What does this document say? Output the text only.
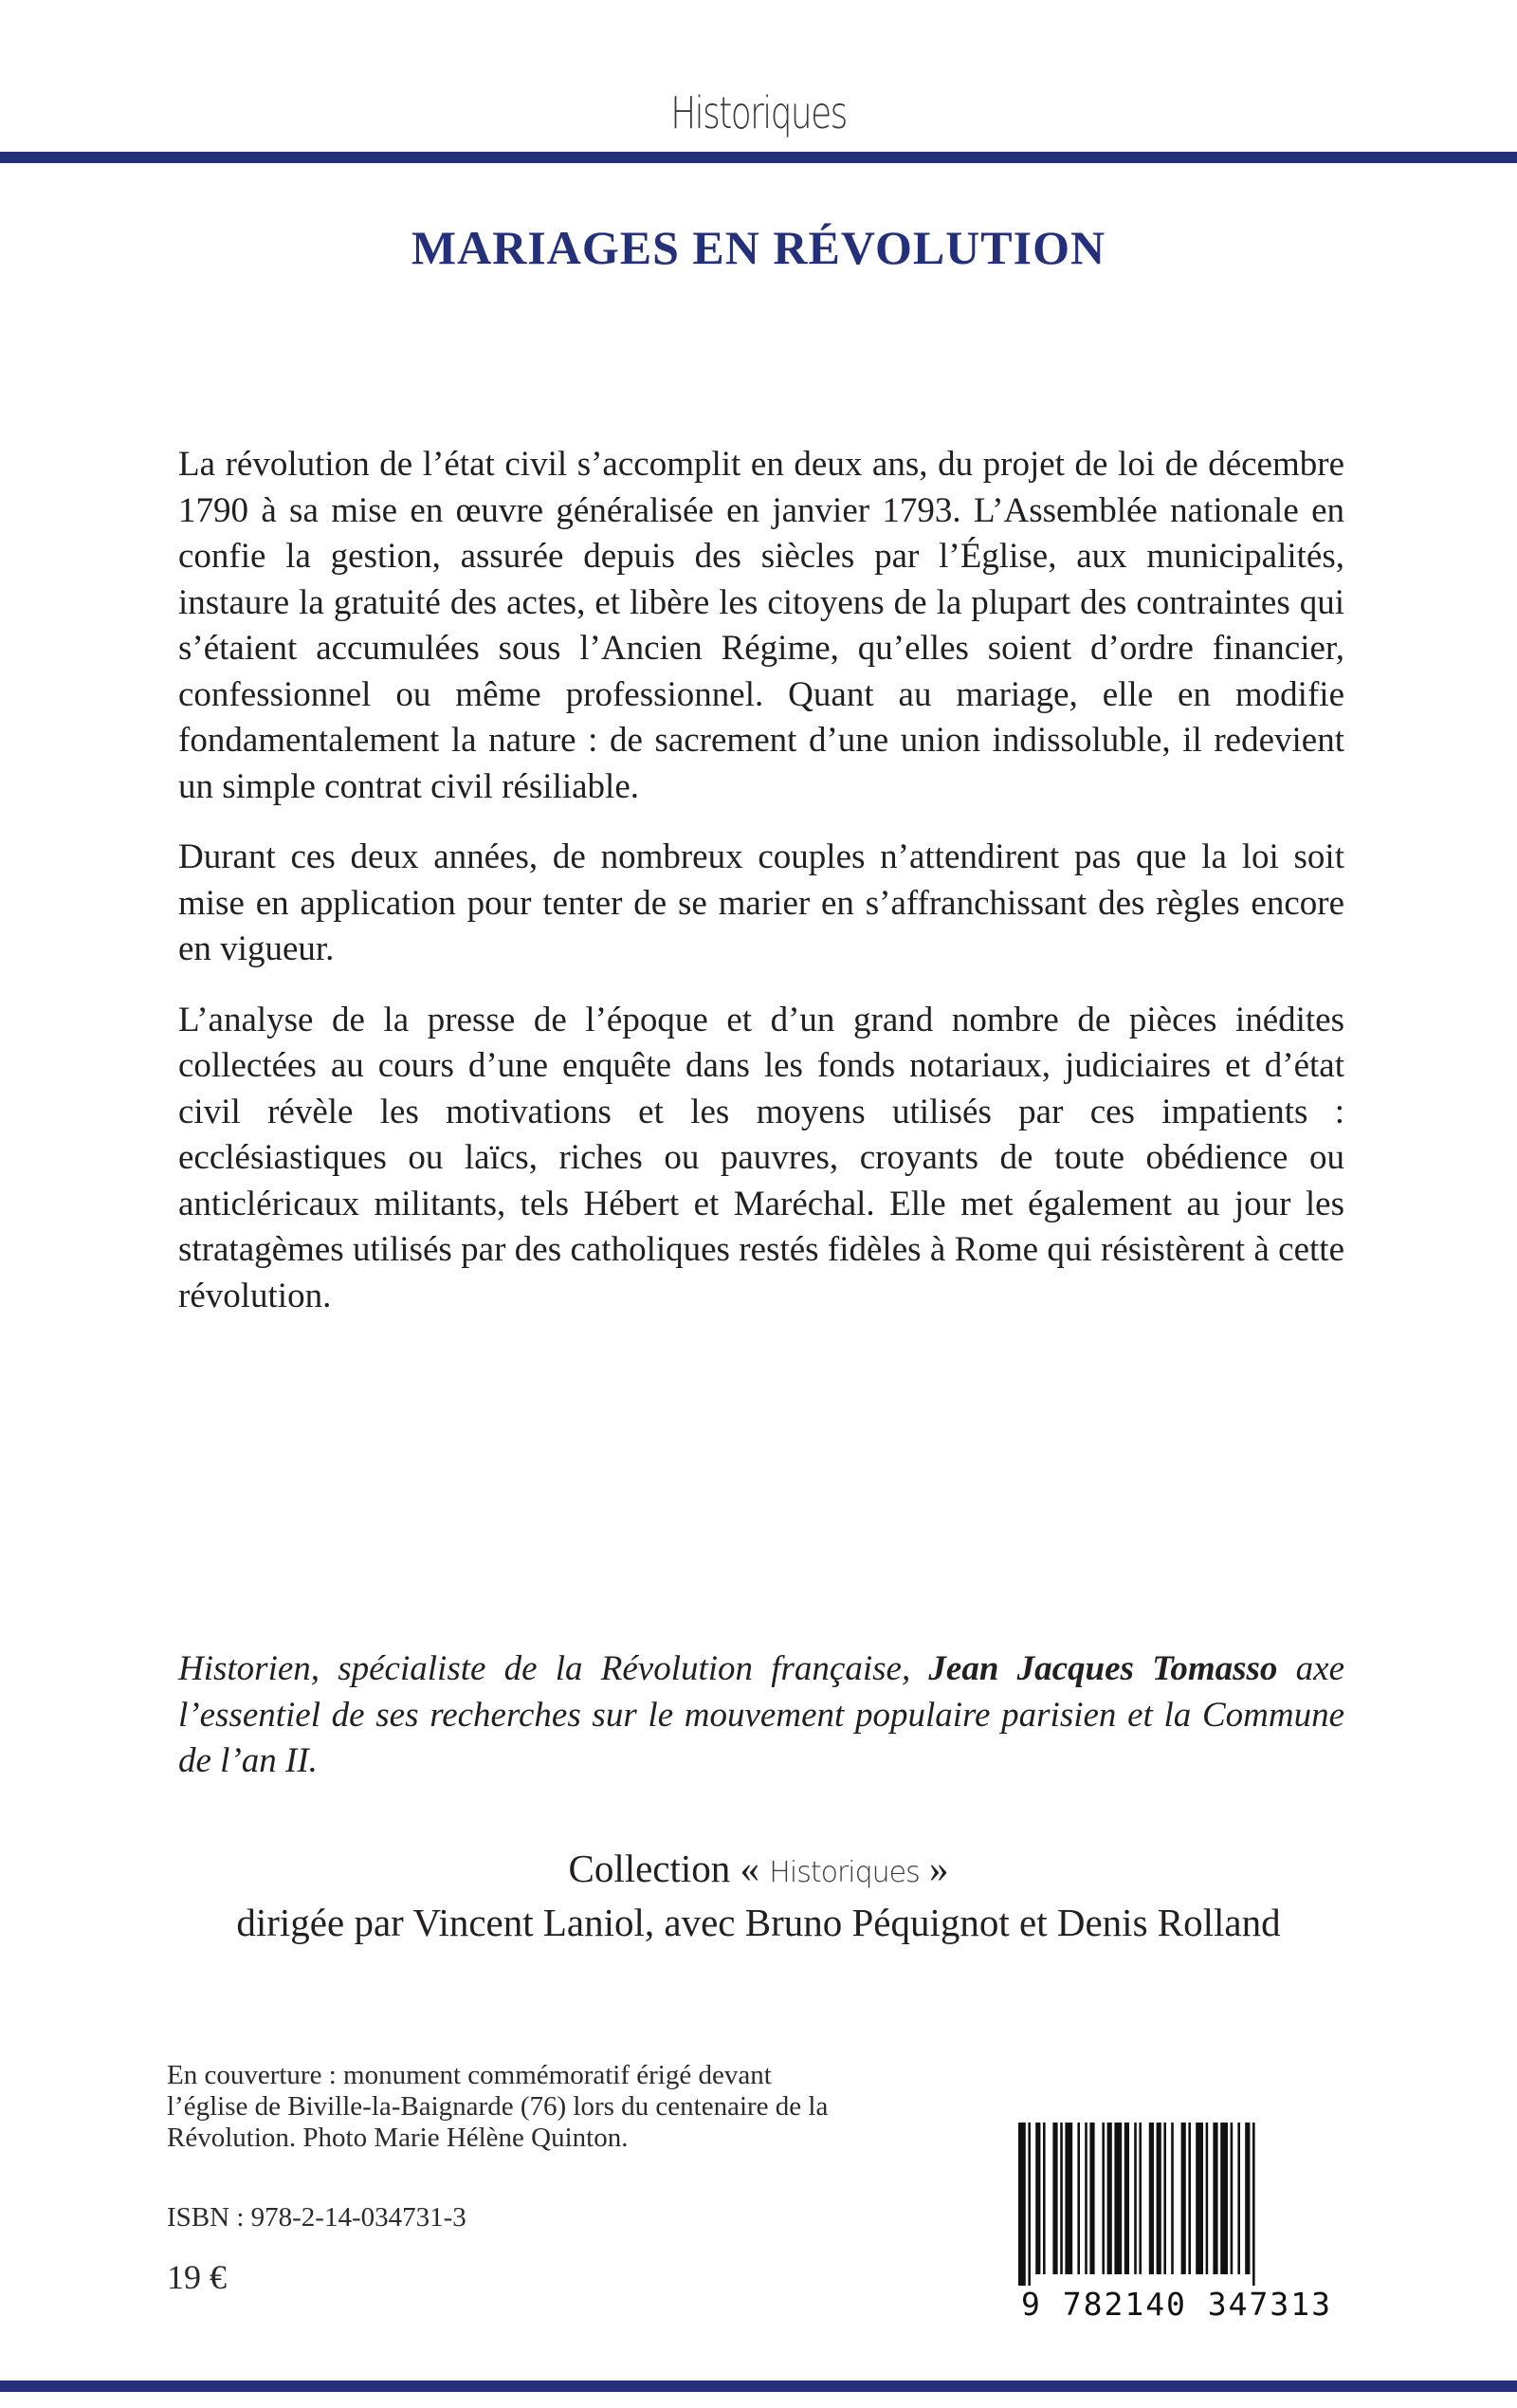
Historiques
MARIAGES EN RÉVOLUTION

La révolution de l’état civil s’accomplit en deux ans, du projet de loi de décembre 1790 à sa mise en œuvre généralisée en janvier 1793. L’Assemblée nationale en confie la gestion, assurée depuis des siècles par l’Église, aux municipalités, instaure la gratuité des actes, et libère les citoyens de la plupart des contraintes qui s’étaient accumulées sous l’Ancien Régime, qu’elles soient d’ordre financier, confessionnel ou même professionnel. Quant au mariage, elle en modifie fondamentalement la nature : de sacrement d’une union indissoluble, il redevient un simple contrat civil résiliable.

Durant ces deux années, de nombreux couples n’attendirent pas que la loi soit mise en application pour tenter de se marier en s’affranchissant des règles encore en vigueur.

L’analyse de la presse de l’époque et d’un grand nombre de pièces inédites collectées au cours d’une enquête dans les fonds notariaux, judiciaires et d’état civil révèle les motivations et les moyens utilisés par ces impatients : ecclésiastiques ou laïcs, riches ou pauvres, croyants de toute obédience ou anticléricaux militants, tels Hébert et Maréchal. Elle met également au jour les stratagèmes utilisés par des catholiques restés fidèles à Rome qui résistèrent à cette révolution.

Historien, spécialiste de la Révolution française, Jean Jacques Tomasso axe l’essentiel de ses recherches sur le mouvement populaire parisien et la Commune de l’an II.
Collection « Historiques »
dirigée par Vincent Laniol, avec Bruno Péquignot et Denis Rolland
En couverture : monument commémoratif érigé devant
l’église de Biville-la-Baignarde (76) lors du centenaire de la
Révolution. Photo Marie Hélène Quinton.
ISBN : 978-2-14-034731-3
19 €
9 782140 347313
